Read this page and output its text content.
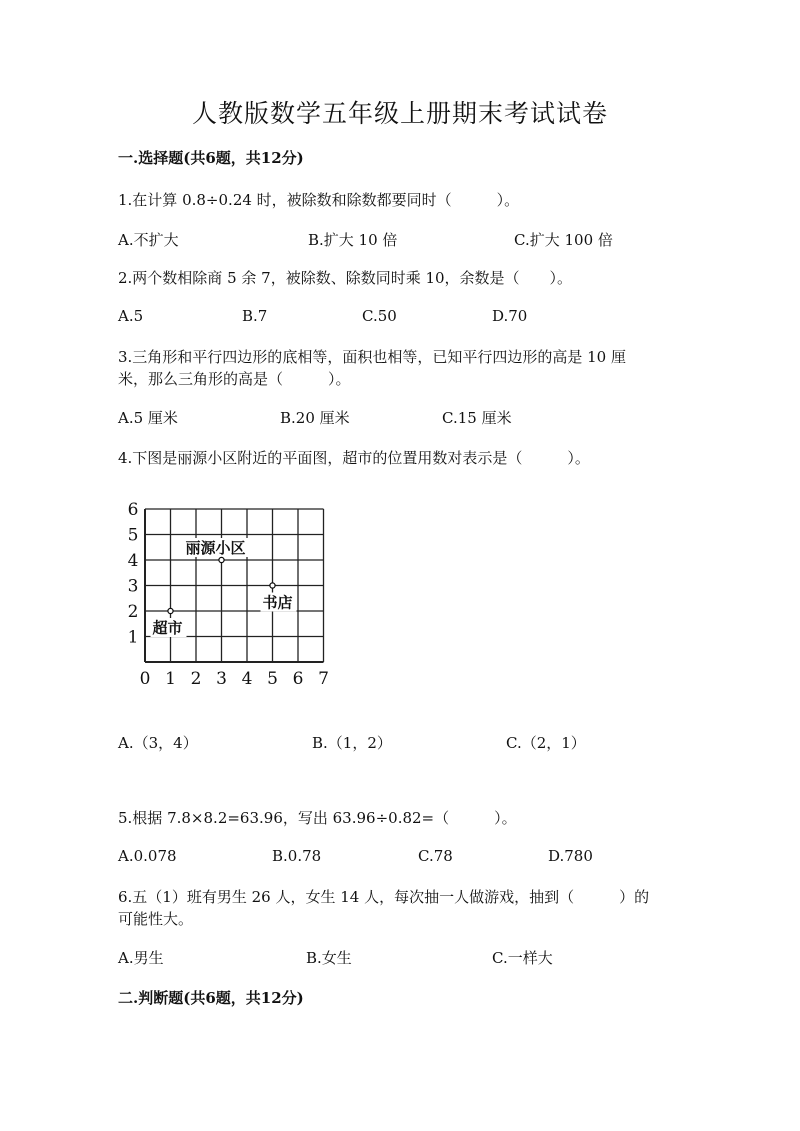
人教版数学五年级上册期末考试试卷
一.选择题(共6题，共12分)
1.在计算 0.8÷0.24 时，被除数和除数都要同时（　　　）。
A.不扩大	B.扩大 10 倍	C.扩大 100 倍
2.两个数相除商 5 余 7，被除数、除数同时乘 10，余数是（　　）。
A.5	B.7	C.50	D.70
3.三角形和平行四边形的底相等，面积也相等，已知平行四边形的高是 10 厘
米，那么三角形的高是（　　　）。
A.5 厘米	B.20 厘米	C.15 厘米
4.下图是丽源小区附近的平面图，超市的位置用数对表示是（　　　）。
0 1 2 3 4 5 6 7
1
2
3
4
5
6
丽源小区
书店
超市
A.（3，4）	B.（1，2）	C.（2，1）
5.根据 7.8×8.2=63.96，写出 63.96÷0.82=（　　　）。
A.0.078	B.0.78	C.78	D.780
6.五（1）班有男生 26 人，女生 14 人，每次抽一人做游戏，抽到（　　　）的
可能性大。
A.男生	B.女生	C.一样大
二.判断题(共6题，共12分)
